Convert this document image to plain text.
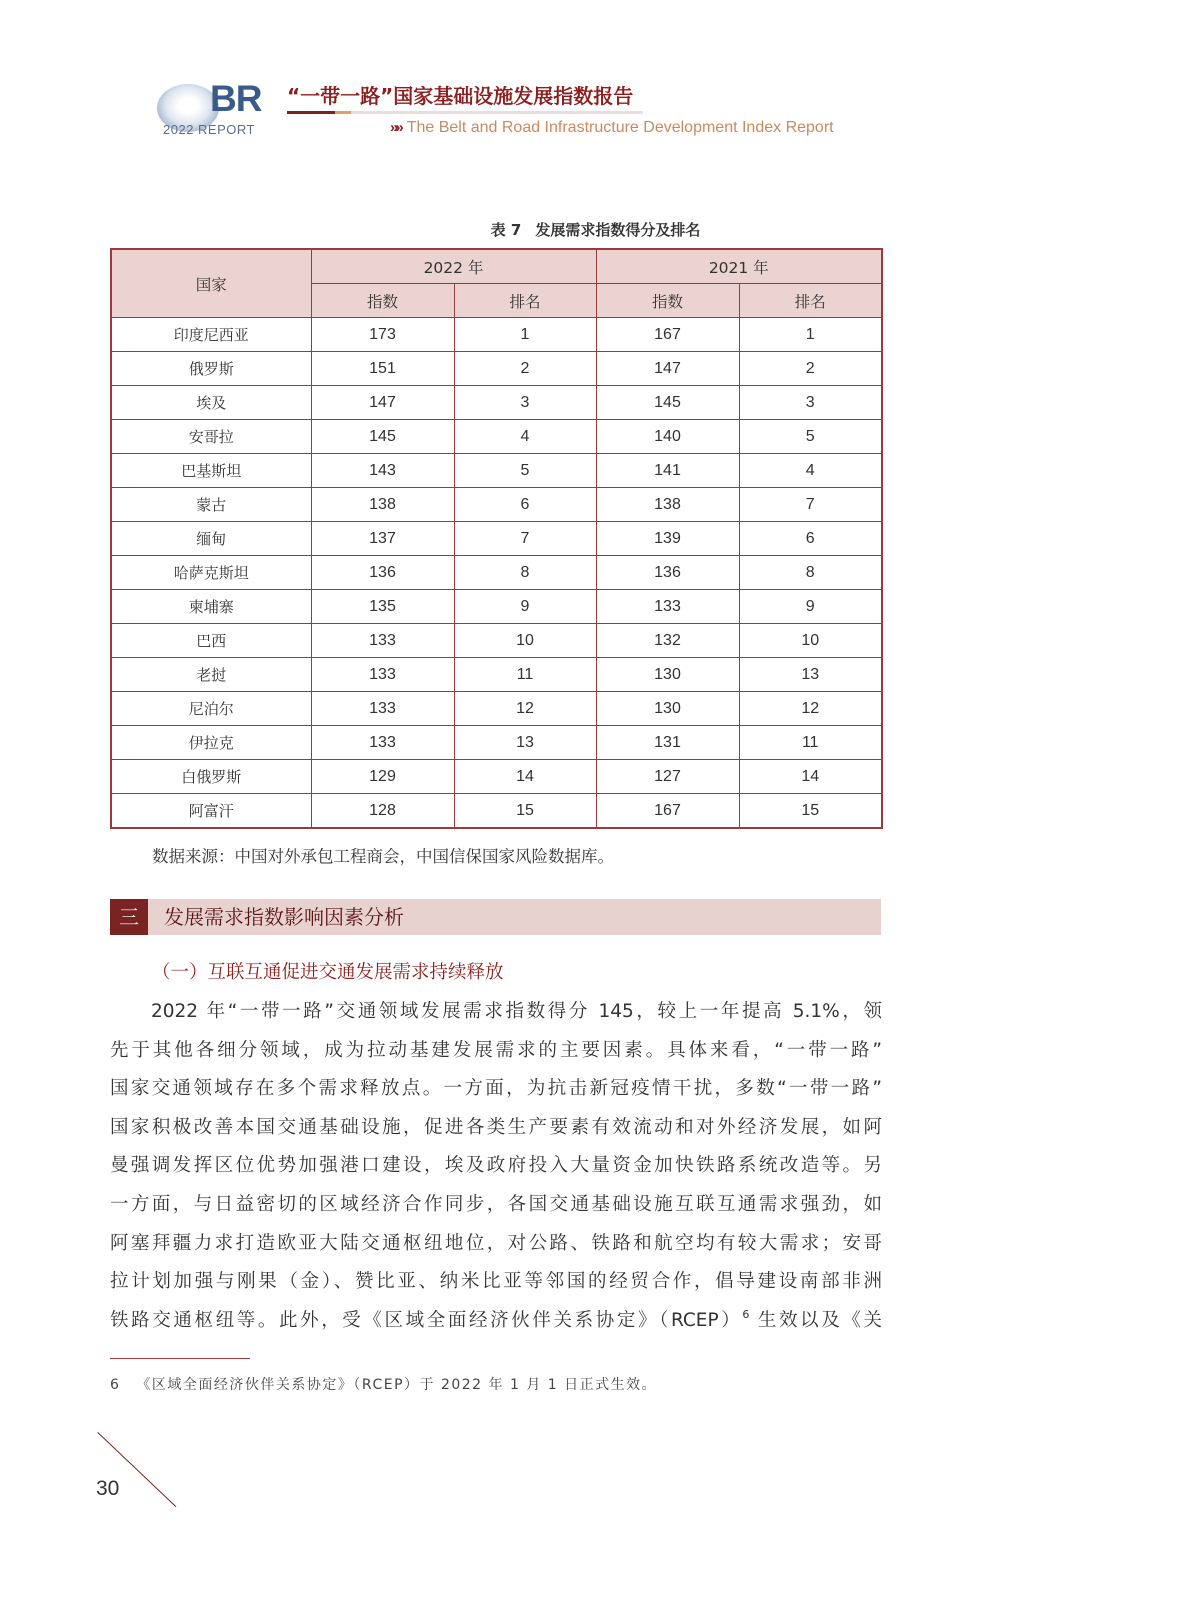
BR
2022 REPORT
“一带一路”国家基础设施发展指数报告
»» The Belt and Road Infrastructure Development Index Report
表 7 发展需求指数得分及排名
国家	2022 年		2021 年	
	指数	排名	指数	排名
印度尼西亚	173	1	167	1
俄罗斯	151	2	147	2
埃及	147	3	145	3
安哥拉	145	4	140	5
巴基斯坦	143	5	141	4
蒙古	138	6	138	7
缅甸	137	7	139	6
哈萨克斯坦	136	8	136	8
柬埔寨	135	9	133	9
巴西	133	10	132	10
老挝	133	11	130	13
尼泊尔	133	12	130	12
伊拉克	133	13	131	11
白俄罗斯	129	14	127	14
阿富汗	128	15	167	15
数据来源：中国对外承包工程商会，中国信保国家风险数据库。
三	发展需求指数影响因素分析
（一）互联互通促进交通发展需求持续释放
2022 年“一带一路”交通领域发展需求指数得分 145，较上一年提高 5.1%，领
先于其他各细分领域，成为拉动基建发展需求的主要因素。具体来看，“一带一路”
国家交通领域存在多个需求释放点。一方面，为抗击新冠疫情干扰，多数“一带一路”
国家积极改善本国交通基础设施，促进各类生产要素有效流动和对外经济发展，如阿
曼强调发挥区位优势加强港口建设，埃及政府投入大量资金加快铁路系统改造等。另
一方面，与日益密切的区域经济合作同步，各国交通基础设施互联互通需求强劲，如
阿塞拜疆力求打造欧亚大陆交通枢纽地位，对公路、铁路和航空均有较大需求；安哥
拉计划加强与刚果（金）、赞比亚、纳米比亚等邻国的经贸合作，倡导建设南部非洲
铁路交通枢纽等。此外，受《区域全面经济伙伴关系协定》（RCEP）$^6$ 生效以及《关
6 《区域全面经济伙伴关系协定》（RCEP）于 2022 年 1 月 1 日正式生效。
30
